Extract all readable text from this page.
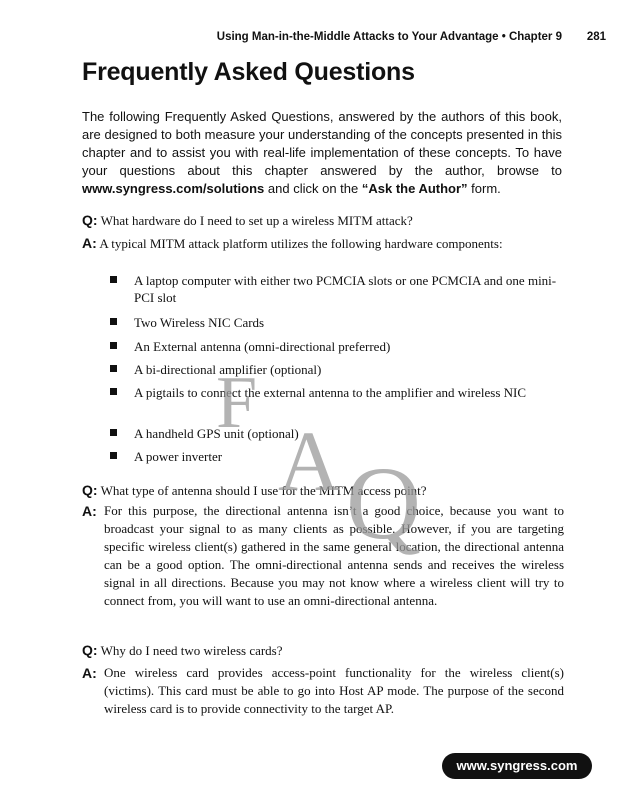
Using Man-in-the-Middle Attacks to Your Advantage • Chapter 9 281
Frequently Asked Questions

The following Frequently Asked Questions, answered by the authors of this book, are designed to both measure your understanding of the concepts presented in this chapter and to assist you with real-life implementation of these concepts. To have your questions about this chapter answered by the author, browse to www.syngress.com/solutions and click on the “Ask the Author” form.

Q: What hardware do I need to set up a wireless MITM attack?
A: A typical MITM attack platform utilizes the following hardware components:
A laptop computer with either two PCMCIA slots or one PCMCIA and one mini-PCI slot
Two Wireless NIC Cards
An External antenna (omni-directional preferred)
A bi-directional amplifier (optional)
A pigtails to connect the external antenna to the amplifier and wireless NIC
A handheld GPS unit (optional)
A power inverter
Q: What type of antenna should I use for the MITM access point?
A: For this purpose, the directional antenna isn’t a good choice, because you want to broadcast your signal to as many clients as possible. However, if you are targeting specific wireless client(s) gathered in the same general location, the directional antenna can be a good option. The omni-directional antenna sends and receives the wireless signal in all directions. Because you may not know where a wireless client will try to connect from, you will want to use an omni-directional antenna.
Q: Why do I need two wireless cards?
A: One wireless card provides access-point functionality for the wireless client(s) (victims). This card must be able to go into Host AP mode. The purpose of the second wireless card is to provide connectivity to the target AP.
F
A Q
www.syngress.com
